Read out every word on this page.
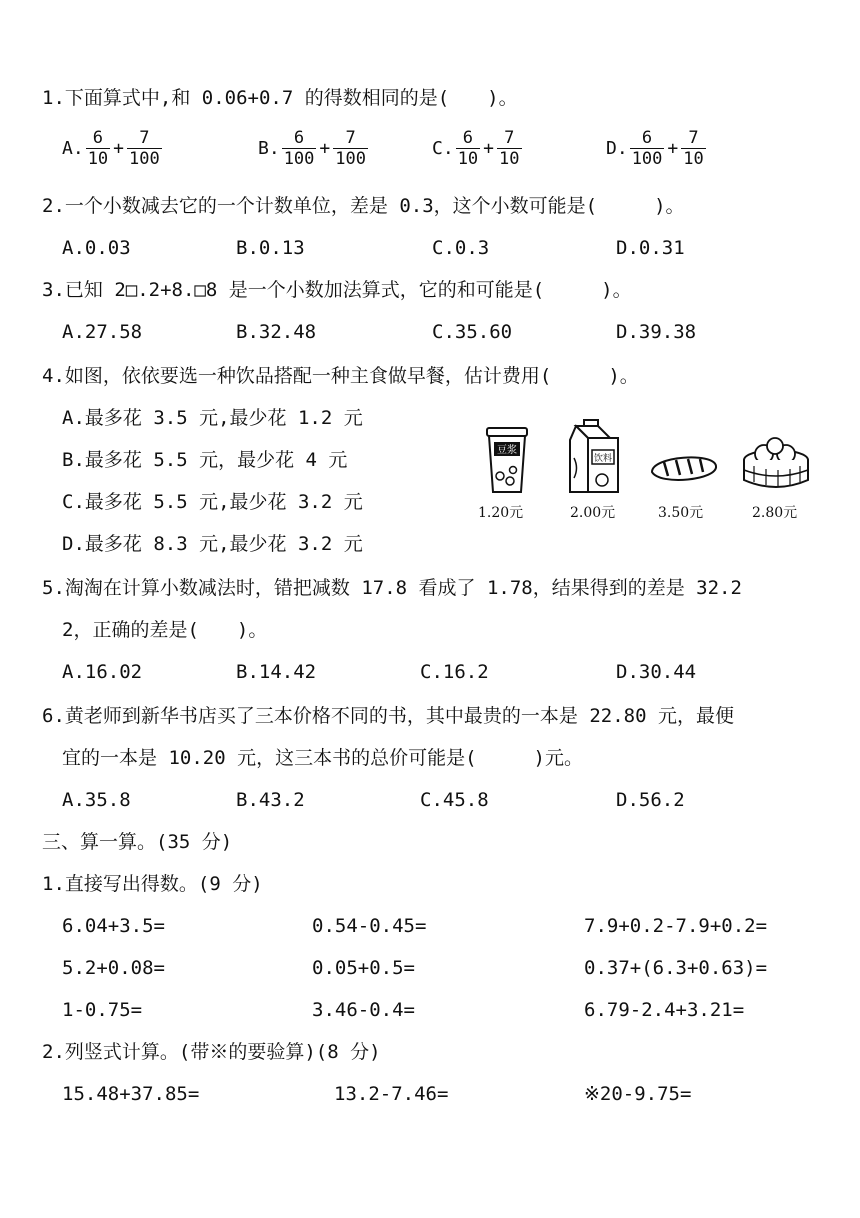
1.下面算式中,和 0.06+0.7 的得数相同的是(　　)。
A. $\frac{6}{10} + \frac{7}{100}$	B. $\frac{6}{100} + \frac{7}{100}$	C. $\frac{6}{10} + \frac{7}{10}$	D. $\frac{6}{100} + \frac{7}{10}$
2.一个小数减去它的一个计数单位，差是 0.3，这个小数可能是(　　　)。
A.0.03	B.0.13	C.0.3	D.0.31
3.已知 2□.2+8.□8 是一个小数加法算式，它的和可能是(　　　)。
A.27.58	B.32.48	C.35.60	D.39.38
4.如图，依依要选一种饮品搭配一种主食做早餐，估计费用(　　　)。
A.最多花 3.5 元,最少花 1.2 元
B.最多花 5.5 元，最少花 4 元
C.最多花 5.5 元,最少花 3.2 元
D.最多花 8.3 元,最少花 3.2 元
豆浆
1.20元
饮料
2.00元	3.50元	2.80元
5.淘淘在计算小数减法时，错把减数 17.8 看成了 1.78，结果得到的差是 32.2
2，正确的差是(　　)。
A.16.02	B.14.42	C.16.2	D.30.44
6.黄老师到新华书店买了三本价格不同的书，其中最贵的一本是 22.80 元，最便
宜的一本是 10.20 元，这三本书的总价可能是(　　　)元。
A.35.8	B.43.2	C.45.8	D.56.2
三、算一算。(35 分)
1.直接写出得数。(9 分)
6.04+3.5=	0.54-0.45=	7.9+0.2-7.9+0.2=
5.2+0.08=	0.05+0.5=	0.37+(6.3+0.63)=
1-0.75=	3.46-0.4=	6.79-2.4+3.21=
2.列竖式计算。(带※的要验算)(8 分)
15.48+37.85=	13.2-7.46=	※20-9.75=
